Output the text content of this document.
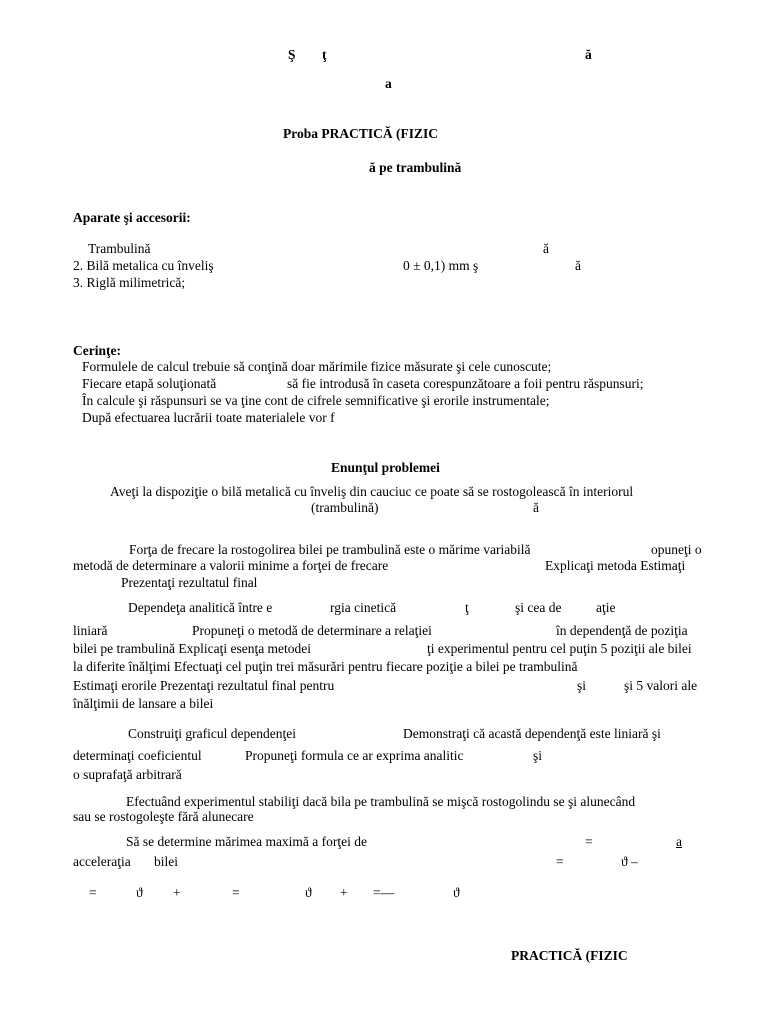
Ş ţ	ă
a
Proba PRACTICĂ (FIZIC
ă pe trambulină
Aparate şi accesorii:
Trambulină	ă
2. Bilă metalica cu înveliş	0 ± 0,1) mm ş	ă
3. Riglă milimetrică;
Cerinţe:
Formulele de calcul trebuie să conţină doar mărimile fizice măsurate şi cele cunoscute;
Fiecare etapă soluţionată	să fie introdusă în caseta corespunzătoare a foii pentru răspunsuri;
În calcule şi răspunsuri se va ţine cont de cifrele semnificative şi erorile instrumentale;
După efectuarea lucrării toate materialele vor f
Enunţul problemei
Aveţi la dispoziţie o bilă metalică cu înveliş din cauciuc ce poate să se rostogolească în interiorul
(trambulină)	ă
Forţa de frecare la rostogolirea bilei pe trambulină este o mărime variabilă	opuneţi o
metodă de determinare a valorii minime a forţei de frecare	Explicaţi metoda Estimaţi
Prezentaţi rezultatul final
Dependeţa analitică între e	rgia cinetică	ţ	şi cea de	aţie
liniară	Propuneţi o metodă de determinare a relaţiei	în dependenţă de poziţia
bilei pe trambulină Explicaţi esenţa metodei	ţi experimentul pentru cel puţin 5 poziţii ale bilei
la diferite înălţimi Efectuaţi cel puţin trei măsurări pentru fiecare poziţie a bilei pe trambulină
Estimaţi erorile Prezentaţi rezultatul final pentru	şi	şi 5 valori ale
înălţimii de lansare a bilei
Construiţi graficul dependenţei	Demonstraţi că acastă dependenţă este liniară şi
determinaţi coeficientul	Propuneţi formula ce ar exprima analitic	şi
o suprafaţă arbitrară
Efectuând experimentul stabiliţi dacă bila pe trambulină se mişcă rostogolindu se şi alunecând
sau se rostogoleşte fără alunecare
Să se determine mărimea maximă a forţei de	=	a
acceleraţia bilei	=	ϑ –
=	ϑ +	=	ϑ + =—	ϑ
PRACTICĂ (FIZIC
